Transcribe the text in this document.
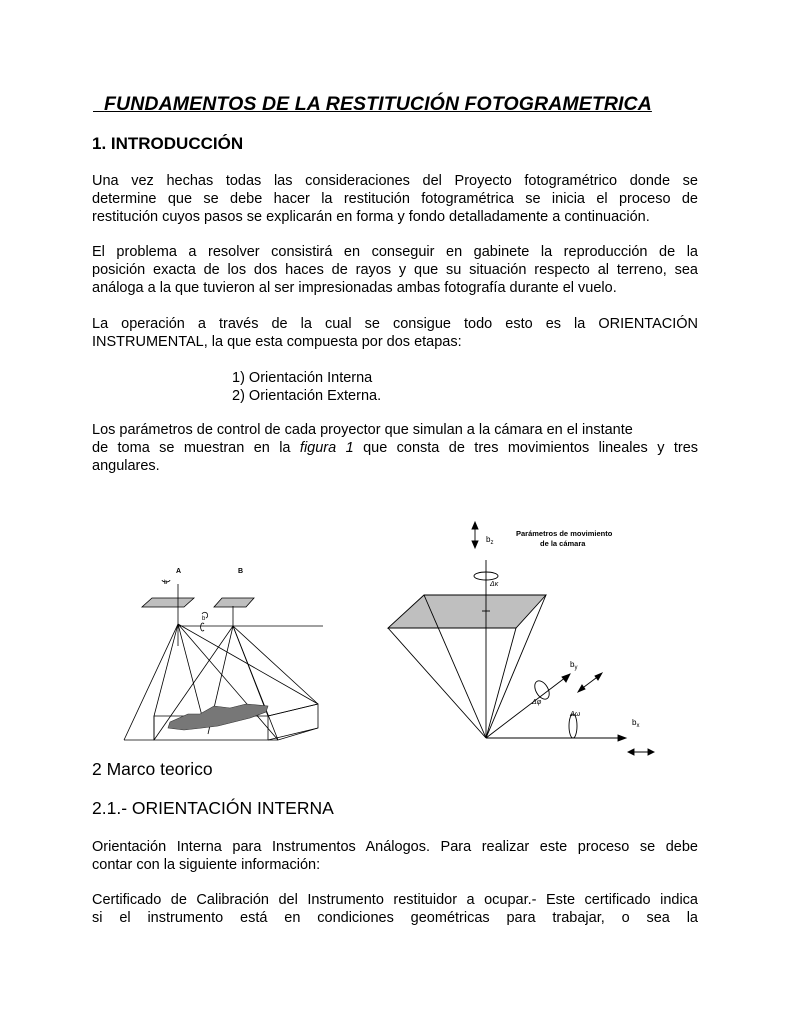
FUNDAMENTOS DE LA RESTITUCIÓN FOTOGRAMETRICA
1. INTRODUCCIÓN
Una vez hechas todas las consideraciones del Proyecto fotogramétrico donde se
determine que se debe hacer la restitución fotogramétrica se inicia el proceso de
restitución cuyos pasos se explicarán en forma y fondo detalladamente a continuación.
El problema a resolver consistirá en conseguir en gabinete la reproducción de la
posición exacta de los dos haces de rayos y que su situación respecto al terreno, sea
análoga a la que tuvieron al ser impresionadas ambas fotografía durante el vuelo.
La operación a través de la cual se consigue todo esto es la ORIENTACIÓN
INSTRUMENTAL, la que esta compuesta por dos etapas:
1) Orientación Interna
2) Orientación Externa.
Los parámetros de control de cada proyector que simulan a la cámara en el instante
de toma se muestran en la figura 1 que consta de tres movimientos lineales y tres
angulares.
A	B
b
b
Parámetros de movimiento
de la cámara
$b_z$
Δκ
$b_y$
Δφ
Δω
$b_x$
2 Marco teorico
2.1.- ORIENTACIÓN INTERNA
Orientación Interna para Instrumentos Análogos. Para realizar este proceso se debe
contar con la siguiente información:
Certificado de Calibración del Instrumento restituidor a ocupar.- Este certificado indica
si el instrumento está en condiciones geométricas para trabajar, o sea la
